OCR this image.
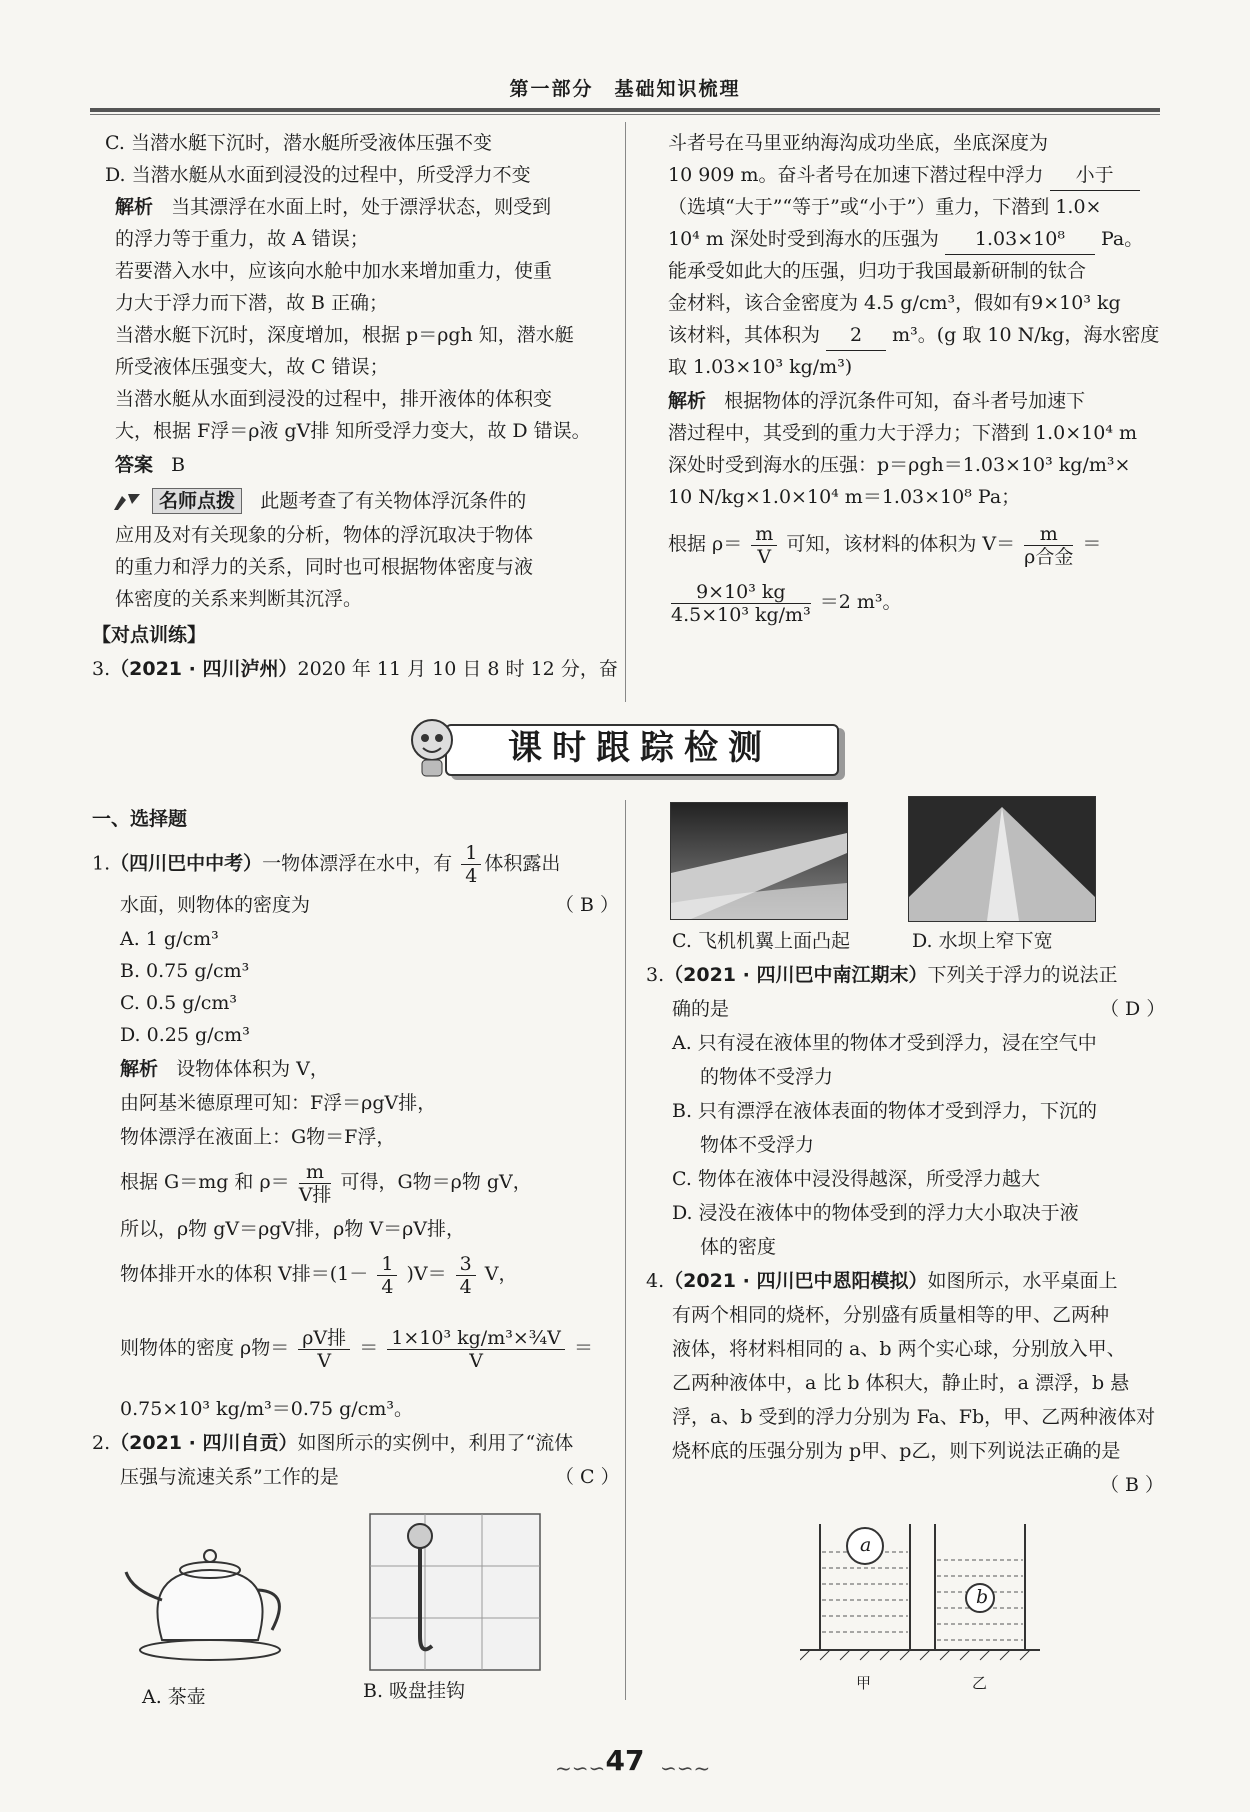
第一部分　基础知识梳理
C. 当潜水艇下沉时，潜水艇所受液体压强不变
D. 当潜水艇从水面到浸没的过程中，所受浮力不变
解析 当其漂浮在水面上时，处于漂浮状态，则受到
的浮力等于重力，故 A 错误；
若要潜入水中，应该向水舱中加水来增加重力，使重
力大于浮力而下潜，故 B 正确；
当潜水艇下沉时，深度增加，根据 p＝ρgh 知，潜水艇
所受液体压强变大，故 C 错误；
当潜水艇从水面到浸没的过程中，排开液体的体积变
大，根据 F浮＝ρ液 gV排 知所受浮力变大，故 D 错误。
答案 B
名师点拨 此题考查了有关物体浮沉条件的
应用及对有关现象的分析，物体的浮沉取决于物体
的重力和浮力的关系，同时也可根据物体密度与液
体密度的关系来判断其沉浮。
【对点训练】
3.（2021 · 四川泸州）2020 年 11 月 10 日 8 时 12 分，奋
斗者号在马里亚纳海沟成功坐底，坐底深度为
10 909 m。奋斗者号在加速下潜过程中浮力 小于
（选填“大于”“等于”或“小于”）重力，下潜到 1.0×
10⁴ m 深处时受到海水的压强为 1.03×10⁸ Pa。
能承受如此大的压强，归功于我国最新研制的钛合
金材料，该合金密度为 4.5 g/cm³，假如有9×10³ kg
该材料，其体积为 2 m³。(g 取 10 N/kg，海水密度
取 1.03×10³ kg/m³)
解析 根据物体的浮沉条件可知，奋斗者号加速下
潜过程中，其受到的重力大于浮力；下潜到 1.0×10⁴ m
深处时受到海水的压强：p＝ρgh＝1.03×10³ kg/m³×
10 N/kg×1.0×10⁴ m＝1.03×10⁸ Pa；
根据 $\rho= \frac{m}{V}$ 可知，该材料的体积为 $V= \frac{m}{\text{ρ合金}}$ ＝
$\frac{\text{9×10³ kg}}{\text{4.5×10³ kg/m³}} =2$ m³。
课时跟踪检测
一、选择题
1.（四川巴中中考）一物体漂浮在水中，有 $\frac{1}{4}$ 体积露出
水面，则物体的密度为	（ B ）
A. 1 g/cm³
B. 0.75 g/cm³
C. 0.5 g/cm³
D. 0.25 g/cm³
解析 设物体体积为 V，
由阿基米德原理可知：F浮＝ρgV排，
物体漂浮在液面上：G物＝F浮，
根据 G＝mg 和 $\rho= \frac{m}{\text{V排}}$ 可得，G物＝ρ物 gV，
所以，ρ物 gV＝ρgV排，ρ物 V＝ρV排，
物体排开水的体积 V排$=(1- \frac{1}{4} )V= \frac{3}{4}$ V，
则物体的密度 ρ物＝ $\frac{\text{ρV排}}{V} = \frac{\text{1×10³ kg/m³×¾V}}{V}$ ＝
0.75×10³ kg/m³＝0.75 g/cm³。
2.（2021 · 四川自贡）如图所示的实例中，利用了“流体
压强与流速关系”工作的是	（ C ）
A. 茶壶	B. 吸盘挂钩
C. 飞机机翼上面凸起	D. 水坝上窄下宽
3.（2021 · 四川巴中南江期末）下列关于浮力的说法正
确的是	（ D ）
A. 只有浸在液体里的物体才受到浮力，浸在空气中
的物体不受浮力
B. 只有漂浮在液体表面的物体才受到浮力，下沉的
物体不受浮力
C. 物体在液体中浸没得越深，所受浮力越大
D. 浸没在液体中的物体受到的浮力大小取决于液
体的密度
4.（2021 · 四川巴中恩阳模拟）如图所示，水平桌面上
有两个相同的烧杯，分别盛有质量相等的甲、乙两种
液体，将材料相同的 a、b 两个实心球，分别放入甲、
乙两种液体中，a 比 b 体积大，静止时，a 漂浮，b 悬
浮，a、b 受到的浮力分别为 Fa、Fb，甲、乙两种液体对
烧杯底的压强分别为 p甲、p乙，则下列说法正确的是
（ B ）
a
b
甲	乙
~∽∽ 47 ∽∽~
